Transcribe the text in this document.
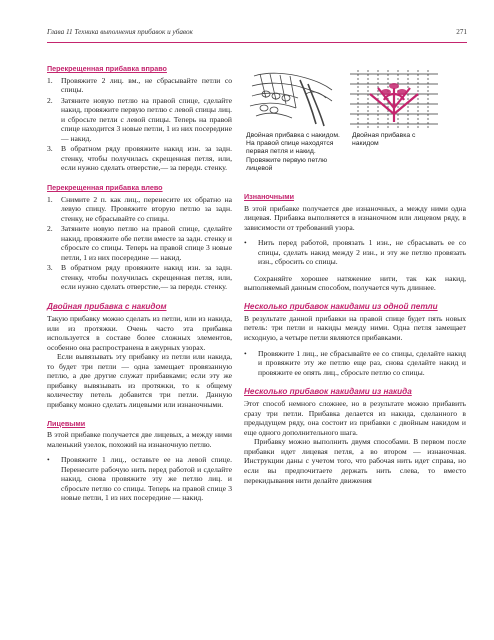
Глава 11 Техника выполнения прибавок и убавок	271
Перекрещенная прибавка вправо
1. Провяжите 2 лиц. вм., не сбрасывайте петли со спицы.
2. Затяните новую петлю на правой спице, сделайте накид, провяжите первую петлю с левой спицы лиц. и сбросьте петли с левой спицы. Теперь на правой спице находится 3 новые петли, 1 из них посередине — накид.
3. В обратном ряду провяжите накид изн. за задн. стенку, чтобы получилась скрещенная петля, или, если нужно сделать отверстие,— за передн. стенку.
Перекрещенная прибавка влево
1. Снимите 2 п. как лиц., перенесите их обратно на левую спицу. Провяжите вторую петлю за задн. стенку, не сбрасывайте со спицы.
2. Затяните новую петлю на правой спице, сделайте накид, провяжите обе петли вместе за задн. стенку и сбросьте со спицы. Теперь на правой спице 3 новые петли, 1 из них посередине — накид.
3. В обратном ряду провяжите накид изн. за задн. стенку, чтобы получилась скрещенная петля, или, если нужно сделать отверстие,— за передн. стенку.
Двойная прибавка с накидом

Такую прибавку можно сделать из петли, или из накида, или из протяжки. Очень часто эта прибавка используется в составе более сложных элементов, особенно она распространена в ажурных узорах.

Если вывязывать эту прибавку из петли или накида, то будет три петли — одна замещает провязанную петлю, а две другие служат прибавками; если эту же прибавку вывязывать из протяжки, то к общему количеству петель добавится три петли. Данную прибавку можно сделать лицевыми или изнаночными.

Лицевыми

В этой прибавке получается две лицевых, а между ними маленький узелок, похожий на изнаночную петлю.

• Провяжите 1 лиц., оставьте ее на левой спице. Перенесите рабочую нить перед работой и сделайте накид, снова провяжите эту же петлю лиц. и сбросьте петлю со спицы. Теперь на правой спице 3 новые петли, 1 из них посередине — накид.
Двойная прибавка с накидом. На правой спице находятся первая петля и накид. Провяжите первую петлю лицевой
Двойная прибавка с накидом
Изнаночными

В этой прибавке получается две изнаночных, а между ними одна лицевая. Прибавка выполняется в изнаночном или лицевом ряду, в зависимости от требований узора.

• Нить перед работой, провязать 1 изн., не сбрасывать ее со спицы, сделать накид между 2 изн., и эту же петлю провязать изн., сбросить со спицы.

Сохраняйте хорошее натяжение нити, так как накид, выполняемый данным способом, получается чуть длиннее.

Несколько прибавок накидами из одной петли

В результате данной прибавки на правой спице будет пять новых петель: три петли и накиды между ними. Одна петля замещает исходную, а четыре петли являются прибавками.

• Провяжите 1 лиц., не сбрасывайте ее со спицы, сделайте накид и провяжите эту же петлю еще раз, снова сделайте накид и провяжите ее опять лиц., сбросьте петлю со спицы.
Несколько прибавок накидами из накида

Этот способ немного сложнее, но в результате можно прибавить сразу три петли. Прибавка делается из накида, сделанного в предыдущем ряду, она состоит из прибавки с двойным накидом и еще одного дополнительного шага.

Прибавку можно выполнить двумя способами. В первом после прибавки идет лицевая петля, а во втором — изнаночная. Инструкции даны с учетом того, что рабочая нить идет справа, но если вы предпочитаете держать нить слева, то вместо перекидывания нити делайте движения
